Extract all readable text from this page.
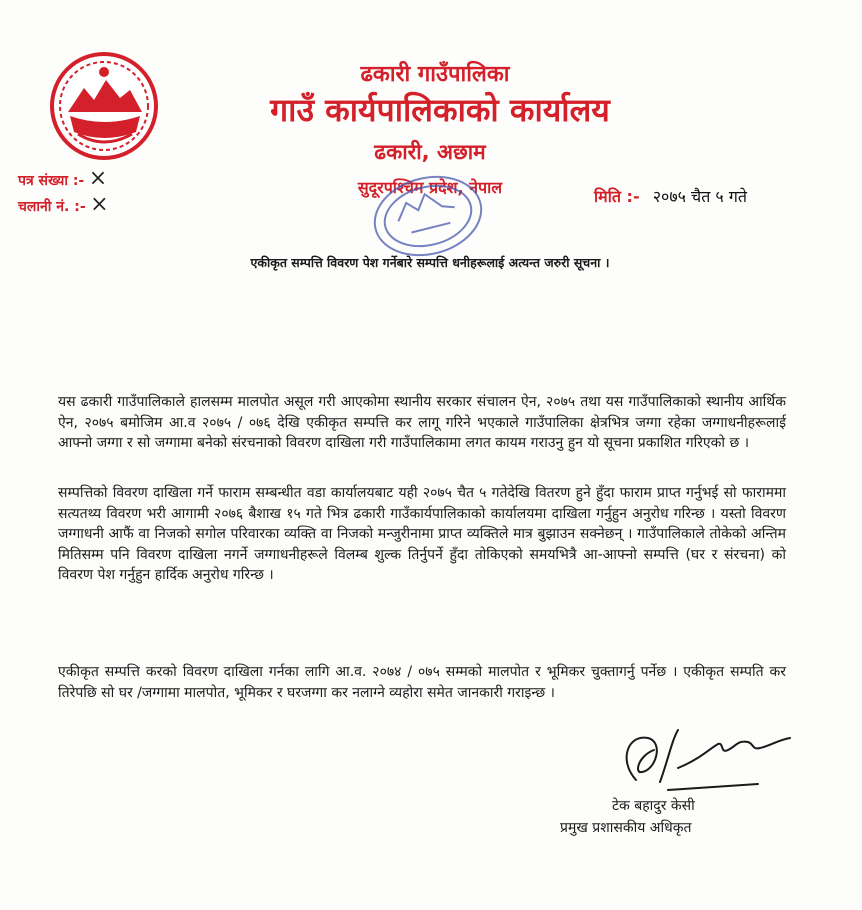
ढकारी गाउँपालिका
गाउँ कार्यपालिकाको कार्यालय
ढकारी, अछाम
सुदूरपश्चिम प्रदेश, नेपाल
पत्र संख्या :- ×
चलानी नं. :- ×	मिति :- २०७५ चैत ५ गते
एकीकृत सम्पत्ति विवरण पेश गर्नेबारे सम्पत्ति धनीहरूलाई अत्यन्त जरुरी सूचना ।

यस ढकारी गाउँपालिकाले हालसम्म मालपोत असूल गरी आएकोमा स्थानीय सरकार संचालन ऐन, २०७५ तथा यस गाउँपालिकाको स्थानीय आर्थिक ऐन, २०७५ बमोजिम आ.व २०७५ / ०७६ देखि एकीकृत सम्पत्ति कर लागू गरिने भएकाले गाउँपालिका क्षेत्रभित्र जग्गा रहेका जग्गाधनीहरूलाई आफ्नो जग्गा र सो जग्गामा बनेको संरचनाको विवरण दाखिला गरी गाउँपालिकामा लगत कायम गराउनु हुन यो सूचना प्रकाशित गरिएको छ ।

सम्पत्तिको विवरण दाखिला गर्ने फाराम सम्बन्धीत वडा कार्यालयबाट यही २०७५ चैत ५ गतेदेखि वितरण हुने हुँदा फाराम प्राप्त गर्नुभई सो फाराममा सत्यतथ्य विवरण भरी आगामी २०७६ बैशाख १५ गते भित्र ढकारी गाउँकार्यपालिकाको कार्यालयमा दाखिला गर्नुहुन अनुरोध गरिन्छ । यस्तो विवरण जग्गाधनी आफैं वा निजको सगोल परिवारका व्यक्ति वा निजको मन्जुरीनामा प्राप्त व्यक्तिले मात्र बुझाउन सक्नेछन् । गाउँपालिकाले तोकेको अन्तिम मितिसम्म पनि विवरण दाखिला नगर्ने जग्गाधनीहरूले विलम्ब शुल्क तिर्नुपर्ने हुँदा तोकिएको समयभित्रै आ-आफ्नो सम्पत्ति (घर र संरचना) को विवरण पेश गर्नुहुन हार्दिक अनुरोध गरिन्छ ।

एकीकृत सम्पत्ति करको विवरण दाखिला गर्नका लागि आ.व. २०७४ / ०७५ सम्मको मालपोत र भूमिकर चुक्तागर्नु पर्नेछ । एकीकृत सम्पति कर तिरेपछि सो घर /जग्गामा मालपोत, भूमिकर र घरजग्गा कर नलाग्ने व्यहोरा समेत जानकारी गराइन्छ ।

टेक बहादुर केसी
प्रमुख प्रशासकीय अधिकृत
